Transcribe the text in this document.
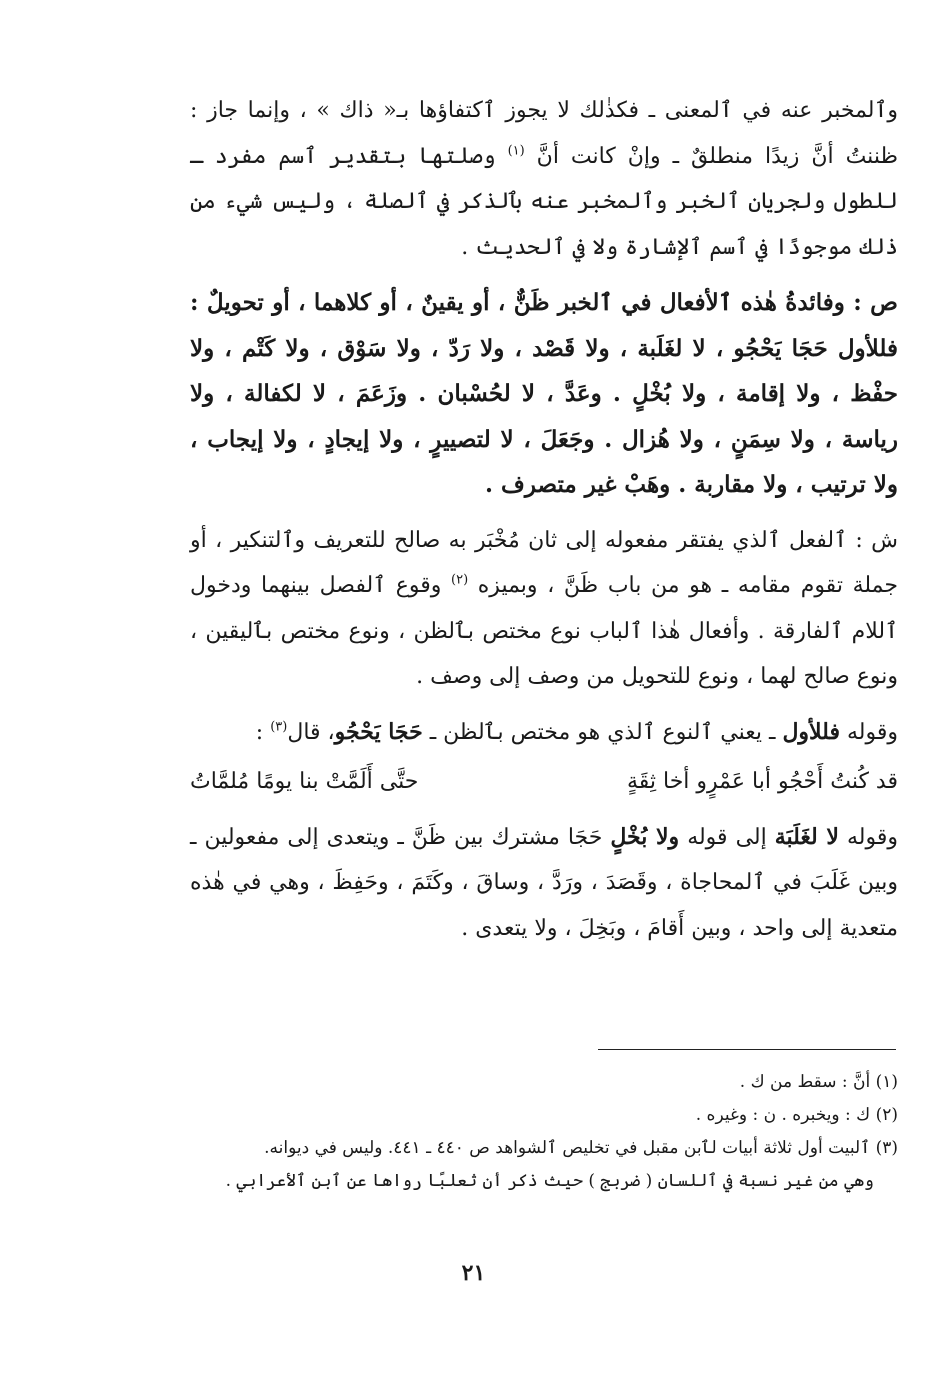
وٱلمخبر عنه في ٱلمعنى ـ فكذٰلك لا يجوز ٱكتفاؤها بـ« ذاك » ، وإنما جاز : ظننتُ أنَّ زيدًا منطلقٌ ـ وإنْ كانت أنَّ $^{(١)}$ وصلتها بتقدير ٱسم مفرد ـ للطول ولجريان ٱلخبر وٱلمخبر عنه بٱلذكر في ٱلصلة ، وليس شيء من ذٰلك موجودًا في ٱسم ٱلإشارة ولا في ٱلحديث .

ص : وفائدةُ هٰذه ٱلأفعال في ٱلخبر ظَنٌّ ، أو يقينٌ ، أو كلاهما ، أو تحويلٌ : فللأول حَجَا يَحْجُو ، لا لغَلَبة ، ولا قَصْد ، ولا رَدّ ، ولا سَوْق ، ولا كَتْم ، ولا حفْظ ، ولا إقامة ، ولا بُخْلٍ . وعَدَّ ، لا لحُسْبان . وزَعَمَ ، لا لكفالة ، ولا رياسة ، ولا سِمَنٍ ، ولا هُزال . وجَعَلَ ، لا لتصييرٍ ، ولا إيجادٍ ، ولا إيجاب ، ولا ترتيب ، ولا مقاربة . وهَبْ غير متصرف .

ش : ٱلفعل ٱلذي يفتقر مفعوله إلى ثان مُخْبَر به صالح للتعريف وٱلتنكير ، أو جملة تقوم مقامه ـ هو من باب ظَنَّ ، وبميزه $^{(٢)}$ وقوع ٱلفصل بينهما ودخول ٱللام ٱلفارقة . وأفعال هٰذا ٱلباب نوع مختص بٱلظن ، ونوع مختص بٱليقين ، ونوع صالح لهما ، ونوع للتحويل من وصف إلى وصف .

وقوله فللأول ـ يعني ٱلنوع ٱلذي هو مختص بٱلظن ـ حَجَا يَحْجُو، قال$^{(٣)}$ :

قد كُنتُ أَحْجُو أبا عَمْرٍو أخا ثِقَةٍ
حتَّى أَلَمَّتْ بنا يومًا مُلمَّاتُ

وقوله لا لغَلَبَة إلى قوله ولا بُخْلٍ حَجَا مشترك بين ظَنَّ ـ ويتعدى إلى مفعولين ـ وبين غَلَبَ في ٱلمحاجاة ، وقَصَدَ ، ورَدَّ ، وساقَ ، وكَتَمَ ، وحَفِظَ ، وهي في هٰذه متعدية إلى واحد ، وبين أَقامَ ، وبَخِلَ ، ولا يتعدى .

(١) أنَّ : سقط من ك .

(٢) ك : ويخبره . ن : وغيره .

(٣) ٱلبيت أول ثلاثة أبيات لٱبن مقبل في تخليص ٱلشواهد ص ٤٤٠ ـ ٤٤١. وليس في ديوانه.

وهي من غير نسبة في ٱللسان ( ضربج ) حيث ذكر أن ثعلبًا رواها عن ٱبن ٱلأعرابي .

٢١
